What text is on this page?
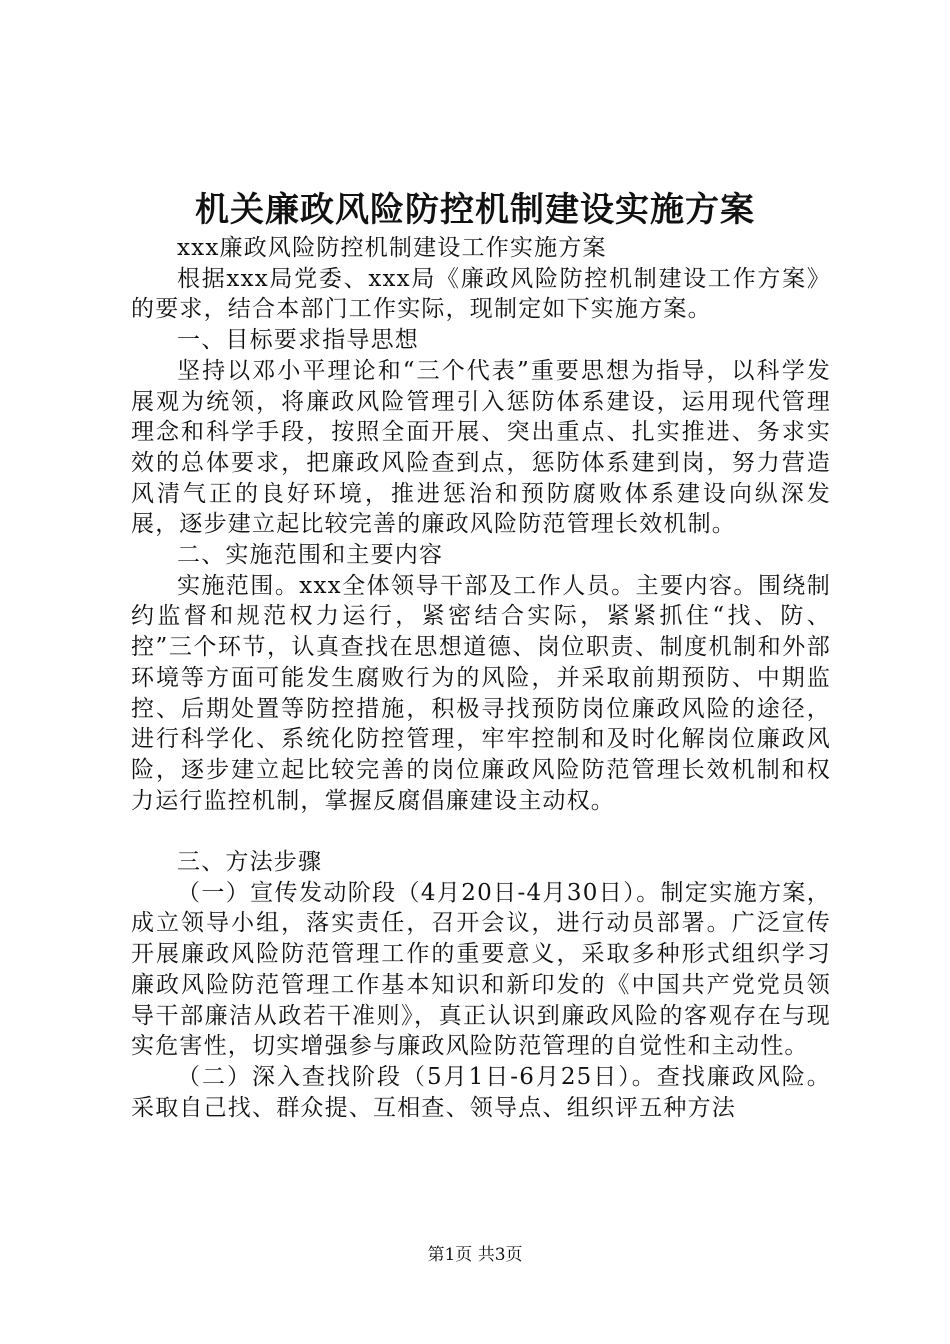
机关廉政风险防控机制建设实施方案

xxx廉政风险防控机制建设工作实施方案

根据xxx局党委、xxx局《廉政风险防控机制建设工作方案》的要求，结合本部门工作实际，现制定如下实施方案。

一、目标要求指导思想

坚持以邓小平理论和“三个代表”重要思想为指导，以科学发展观为统领，将廉政风险管理引入惩防体系建设，运用现代管理理念和科学手段，按照全面开展、突出重点、扎实推进、务求实效的总体要求，把廉政风险查到点，惩防体系建到岗，努力营造风清气正的良好环境，推进惩治和预防腐败体系建设向纵深发展，逐步建立起比较完善的廉政风险防范管理长效机制。

二、实施范围和主要内容

实施范围。xxx全体领导干部及工作人员。主要内容。围绕制约监督和规范权力运行，紧密结合实际，紧紧抓住“找、防、控”三个环节，认真查找在思想道德、岗位职责、制度机制和外部环境等方面可能发生腐败行为的风险，并采取前期预防、中期监控、后期处置等防控措施，积极寻找预防岗位廉政风险的途径，进行科学化、系统化防控管理，牢牢控制和及时化解岗位廉政风险，逐步建立起比较完善的岗位廉政风险防范管理长效机制和权力运行监控机制，掌握反腐倡廉建设主动权。

三、方法步骤

（一）宣传发动阶段（4月20日-4月30日）。制定实施方案，成立领导小组，落实责任，召开会议，进行动员部署。广泛宣传开展廉政风险防范管理工作的重要意义，采取多种形式组织学习廉政风险防范管理工作基本知识和新印发的《中国共产党党员领导干部廉洁从政若干准则》，真正认识到廉政风险的客观存在与现实危害性，切实增强参与廉政风险防范管理的自觉性和主动性。

（二）深入查找阶段（5月1日-6月25日）。查找廉政风险。采取自己找、群众提、互相查、领导点、组织评五种方法

第1页 共3页
